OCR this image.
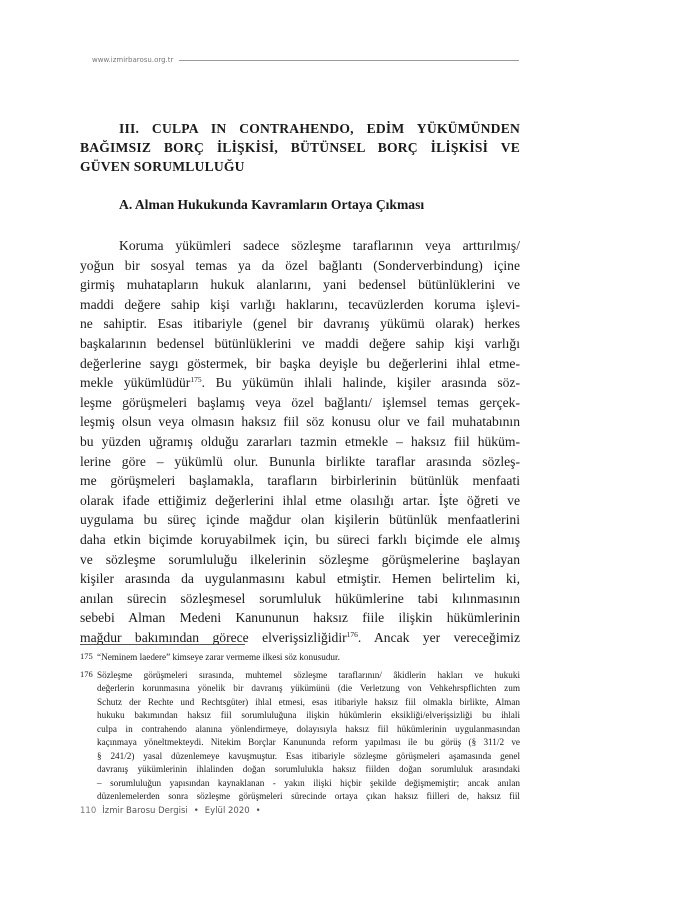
www.izmirbarosu.org.tr
III. CULPA IN CONTRAHENDO, EDİM YÜKÜMÜNDEN
BAĞIMSIZ BORÇ İLİŞKİSİ, BÜTÜNSEL BORÇ İLİŞKİSİ VE
GÜVEN SORUMLULUĞU
A. Alman Hukukunda Kavramların Ortaya Çıkması
Koruma yükümleri sadece sözleşme taraflarının veya arttırılmış/
yoğun bir sosyal temas ya da özel bağlantı (Sonderverbindung) içine
girmiş muhatapların hukuk alanlarını, yani bedensel bütünlüklerini ve
maddi değere sahip kişi varlığı haklarını, tecavüzlerden koruma işlevi-
ne sahiptir. Esas itibariyle (genel bir davranış yükümü olarak) herkes
başkalarının bedensel bütünlüklerini ve maddi değere sahip kişi varlığı
değerlerine saygı göstermek, bir başka deyişle bu değerlerini ihlal etme-
mekle yükümlüdür$^{175}$. Bu yükümün ihlali halinde, kişiler arasında söz-
leşme görüşmeleri başlamış veya özel bağlantı/ işlemsel temas gerçek-
leşmiş olsun veya olmasın haksız fiil söz konusu olur ve fail muhatabının
bu yüzden uğramış olduğu zararları tazmin etmekle – haksız fiil hüküm-
lerine göre – yükümlü olur. Bununla birlikte taraflar arasında sözleş-
me görüşmeleri başlamakla, tarafların birbirlerinin bütünlük menfaati
olarak ifade ettiğimiz değerlerini ihlal etme olasılığı artar. İşte öğreti ve
uygulama bu süreç içinde mağdur olan kişilerin bütünlük menfaatlerini
daha etkin biçimde koruyabilmek için, bu süreci farklı biçimde ele almış
ve sözleşme sorumluluğu ilkelerinin sözleşme görüşmelerine başlayan
kişiler arasında da uygulanmasını kabul etmiştir. Hemen belirtelim ki,
anılan sürecin sözleşmesel sorumluluk hükümlerine tabi kılınmasının
sebebi Alman Medeni Kanununun haksız fiile ilişkin hükümlerinin
mağdur bakımından görece elverişsizliğidir$^{176}$. Ancak yer vereceğimiz
175 “Neminem laedere” kimseye zarar vermeme ilkesi söz konusudur.
176 Sözleşme görüşmeleri sırasında, muhtemel sözleşme taraflarının/ âkidlerin hakları ve hukuki
değerlerin korunmasına yönelik bir davranış yükümünü (die Verletzung von Vehkehrspflichten zum
Schutz der Rechte und Rechtsgüter) ihlal etmesi, esas itibariyle haksız fiil olmakla birlikte, Alman
hukuku bakımından haksız fiil sorumluluğuna ilişkin hükümlerin eksikliği/elverişsizliği bu ihlali
culpa in contrahendo alanına yönlendirmeye, dolayısıyla haksız fiil hükümlerinin uygulanmasından
kaçınmaya yöneltmekteydi. Nitekim Borçlar Kanununda reform yapılması ile bu görüş (§ 311/2 ve
§ 241/2) yasal düzenlemeye kavuşmuştur. Esas itibariyle sözleşme görüşmeleri aşamasında genel
davranış yükümlerinin ihlalinden doğan sorumlulukla haksız fiilden doğan sorumluluk arasındaki
– sorumluluğun yapısından kaynaklanan - yakın ilişki hiçbir şekilde değişmemiştir; ancak anılan
düzenlemelerden sonra sözleşme görüşmeleri sürecinde ortaya çıkan haksız fiilleri de, haksız fiil
110 İzmir Barosu Dergisi • Eylül 2020 •
